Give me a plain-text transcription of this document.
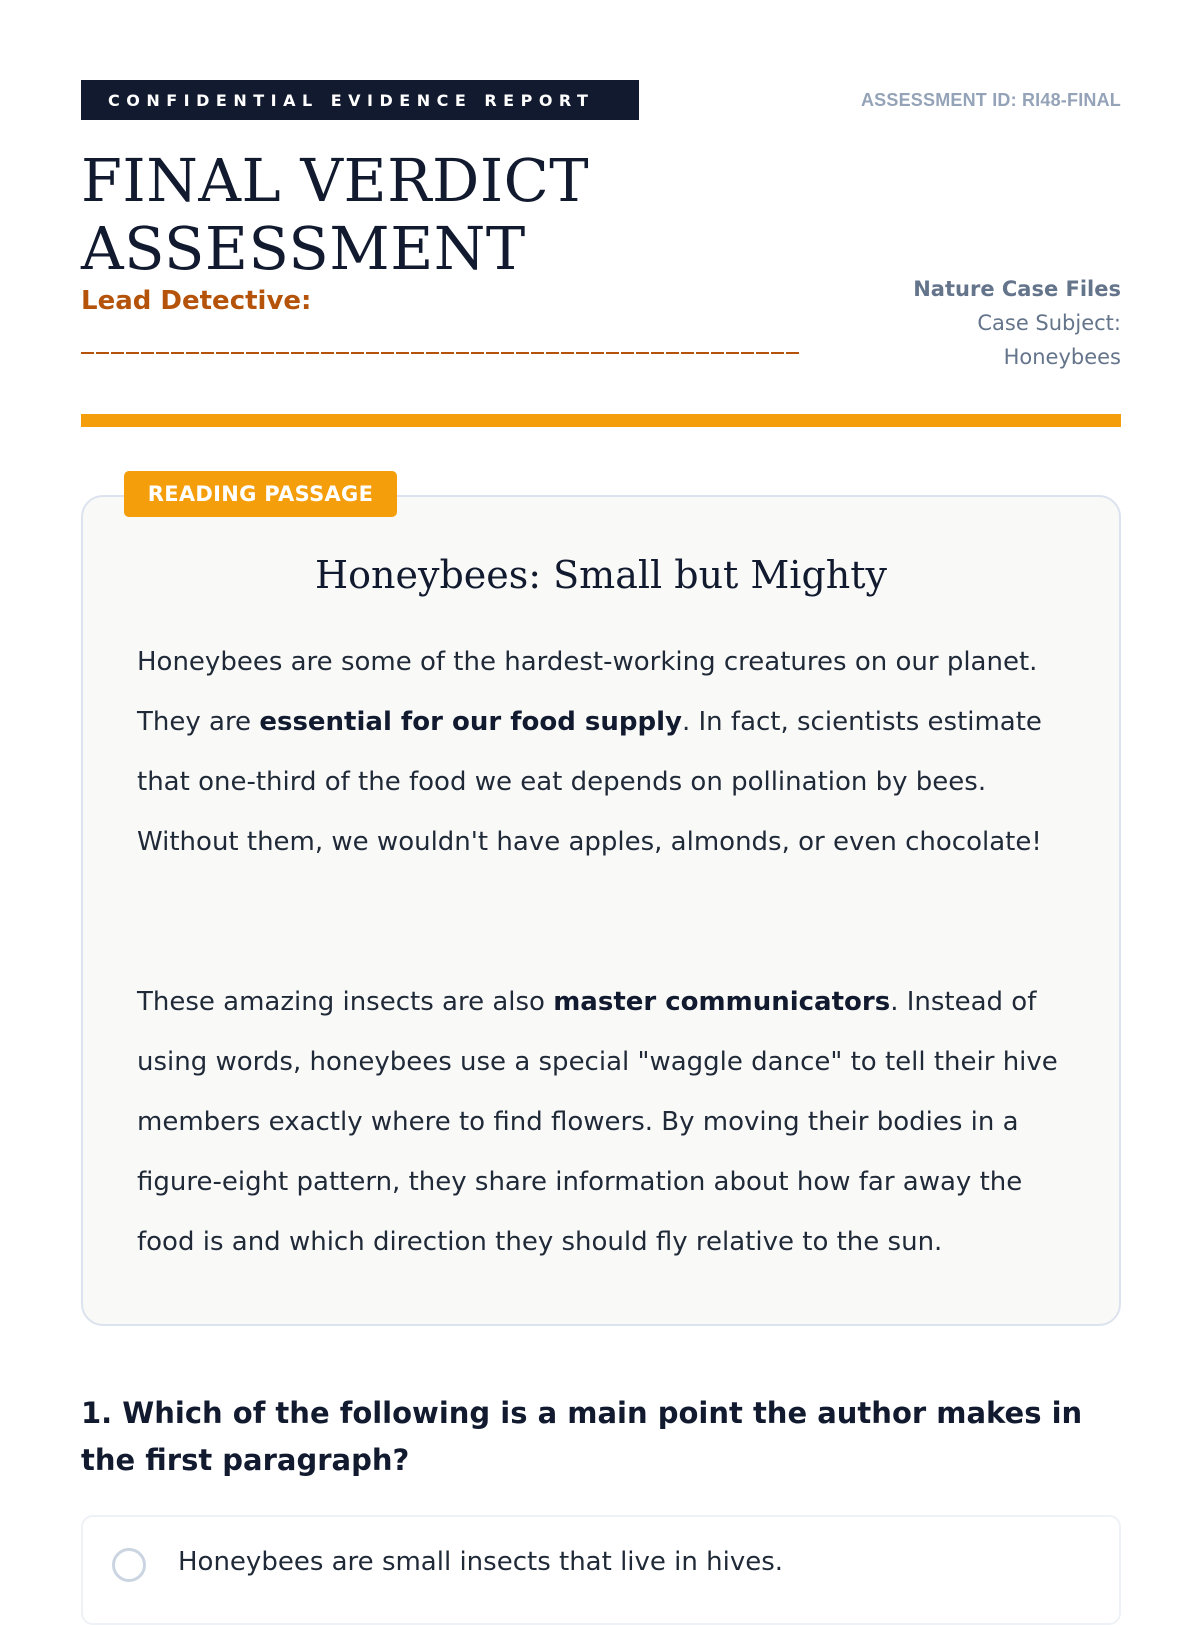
CONFIDENTIAL EVIDENCE REPORT	ASSESSMENT ID: RI48-FINAL
FINAL VERDICT
ASSESSMENT
Lead Detective:	Nature Case Files
Case Subject:
Honeybees
READING PASSAGE
Honeybees: Small but Mighty

Honeybees are some of the hardest-working creatures on our planet. They are essential for our food supply. In fact, scientists estimate that one-third of the food we eat depends on pollination by bees. Without them, we wouldn't have apples, almonds, or even chocolate!

These amazing insects are also master communicators. Instead of using words, honeybees use a special "waggle dance" to tell their hive members exactly where to find flowers. By moving their bodies in a figure-eight pattern, they share information about how far away the food is and which direction they should fly relative to the sun.

1. Which of the following is a main point the author makes in the first paragraph?

Honeybees are small insects that live in hives.
